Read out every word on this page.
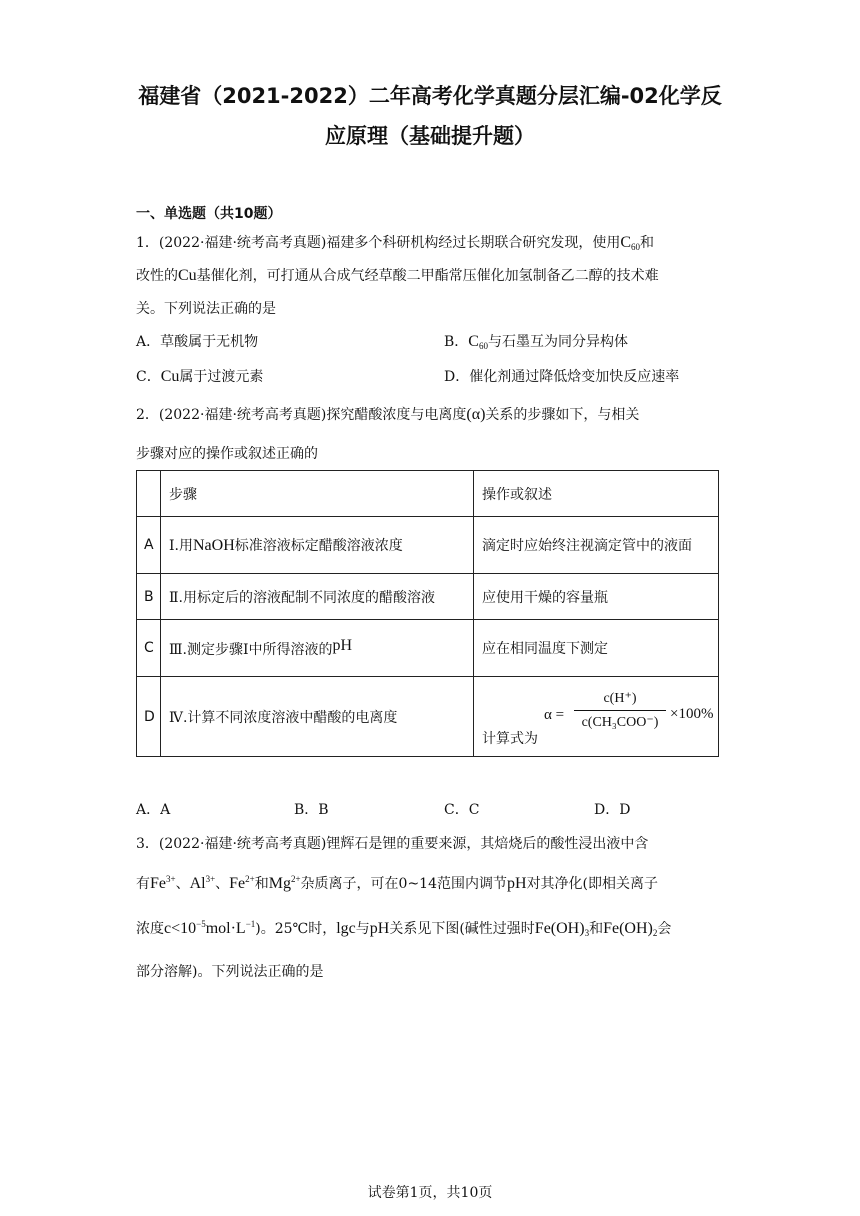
福建省（2021-2022）二年高考化学真题分层汇编-02化学反
应原理（基础提升题）
一、单选题（共10题）
1．(2022·福建·统考高考真题)福建多个科研机构经过长期联合研究发现，使用$C_{60}$和
改性的Cu基催化剂，可打通从合成气经草酸二甲酯常压催化加氢制备乙二醇的技术难
关。下列说法正确的是
A．草酸属于无机物	B．$C_{60}$与石墨互为同分异构体
C．Cu属于过渡元素	D．催化剂通过降低焓变加快反应速率
2．(2022·福建·统考高考真题)探究醋酸浓度与电离度(α)关系的步骤如下，与相关
步骤对应的操作或叙述正确的
	步骤	操作或叙述
A	Ⅰ.用NaOH标准溶液标定醋酸溶液浓度	滴定时应始终注视滴定管中的液面
B	Ⅱ.用标定后的溶液配制不同浓度的醋酸溶液	应使用干燥的容量瓶
C	Ⅲ.测定步骤Ⅰ中所得溶液的pH	应在相同温度下测定
D	Ⅳ.计算不同浓度溶液中醋酸的电离度	计算式为
α =
c(H⁺)
c(CH₃COO⁻)
×100%
A．A	B．B	C．C	D．D
3．(2022·福建·统考高考真题)锂辉石是锂的重要来源，其焙烧后的酸性浸出液中含
有$Fe^{3+}$、$Al^{3+}$、$Fe^{2+}$和$Mg^{2+}$杂质离子，可在0~14范围内调节pH对其净化(即相关离子
浓度$c<10^{-5}mol\cdot L^{-1}$)。25℃时，lgc与pH关系见下图(碱性过强时$Fe(OH)_3$和$Fe(OH)_2$会
部分溶解)。下列说法正确的是
试卷第1页，共10页
